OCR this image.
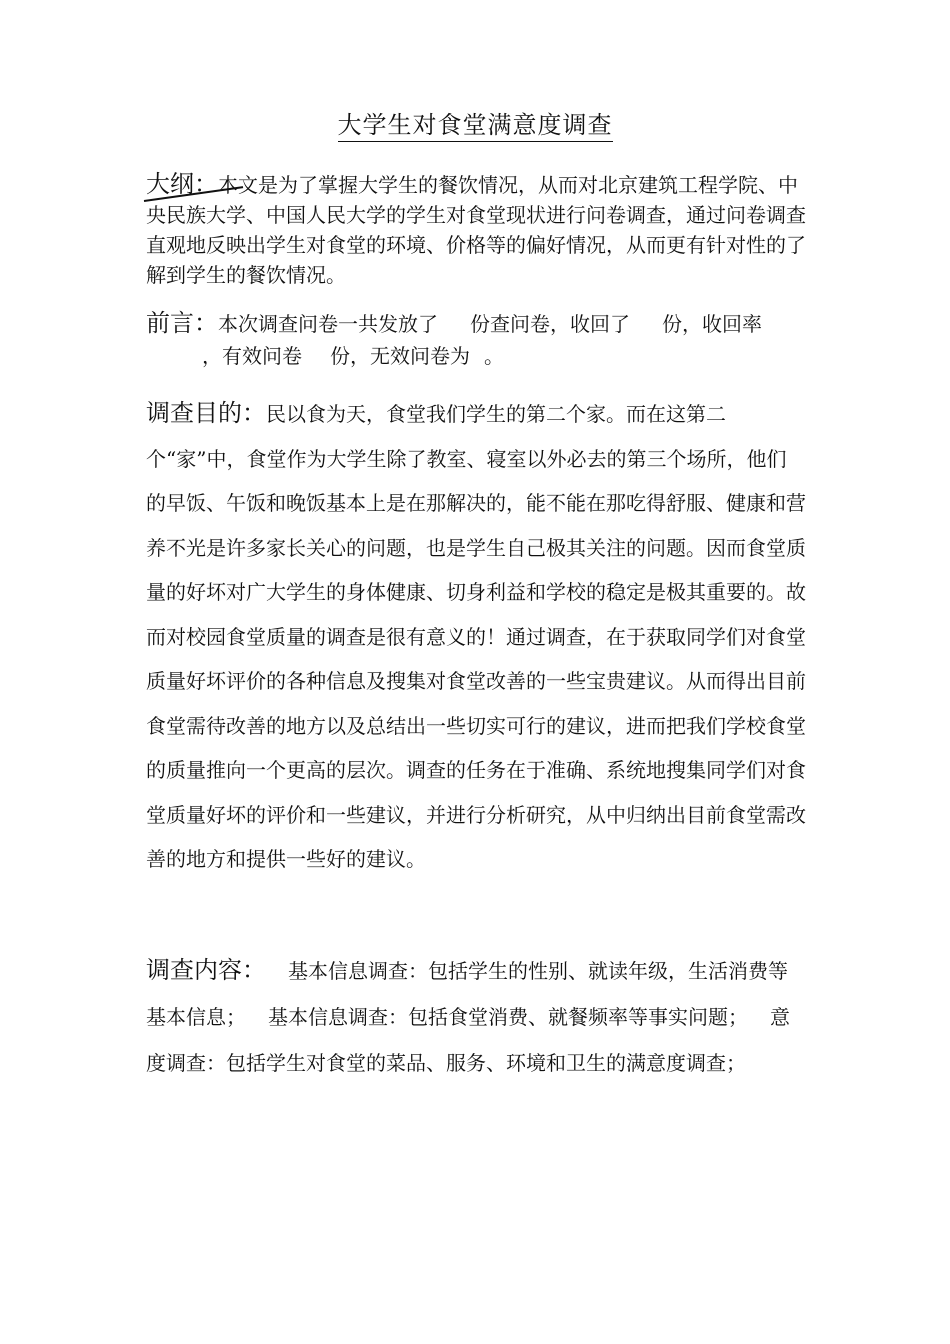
大学生对食堂满意度调查
大纲：
本文是为了掌握大学生的餐饮情况，从而对北京建筑工程学院、中央民族大学、中国人民大学的学生对食堂现状进行问卷调查，通过问卷调查直观地反映出学生对食堂的环境、价格等的偏好情况，从而更有针对性的了解到学生的餐饮情况。
前言：本次调查问卷一共发放了 份查问卷，收回了 份，收回率，有效问卷 份，无效问卷为 。
调查目的：民以食为天，食堂我们学生的第二个家。而在这第二个“家”中，食堂作为大学生除了教室、寝室以外必去的第三个场所，他们的早饭、午饭和晚饭基本上是在那解决的，能不能在那吃得舒服、健康和营养不光是许多家长关心的问题，也是学生自己极其关注的问题。因而食堂质量的好坏对广大学生的身体健康、切身利益和学校的稳定是极其重要的。故而对校园食堂质量的调查是很有意义的！通过调查，在于获取同学们对食堂质量好坏评价的各种信息及搜集对食堂改善的一些宝贵建议。从而得出目前食堂需待改善的地方以及总结出一些切实可行的建议，进而把我们学校食堂的质量推向一个更高的层次。调查的任务在于准确、系统地搜集同学们对食堂质量好坏的评价和一些建议，并进行分析研究，从中归纳出目前食堂需改善的地方和提供一些好的建议。
调查内容： 基本信息调查：包括学生的性别、就读年级，生活消费等基本信息； 基本信息调查：包括食堂消费、就餐频率等事实问题； 意度调查：包括学生对食堂的菜品、服务、环境和卫生的满意度调查；
